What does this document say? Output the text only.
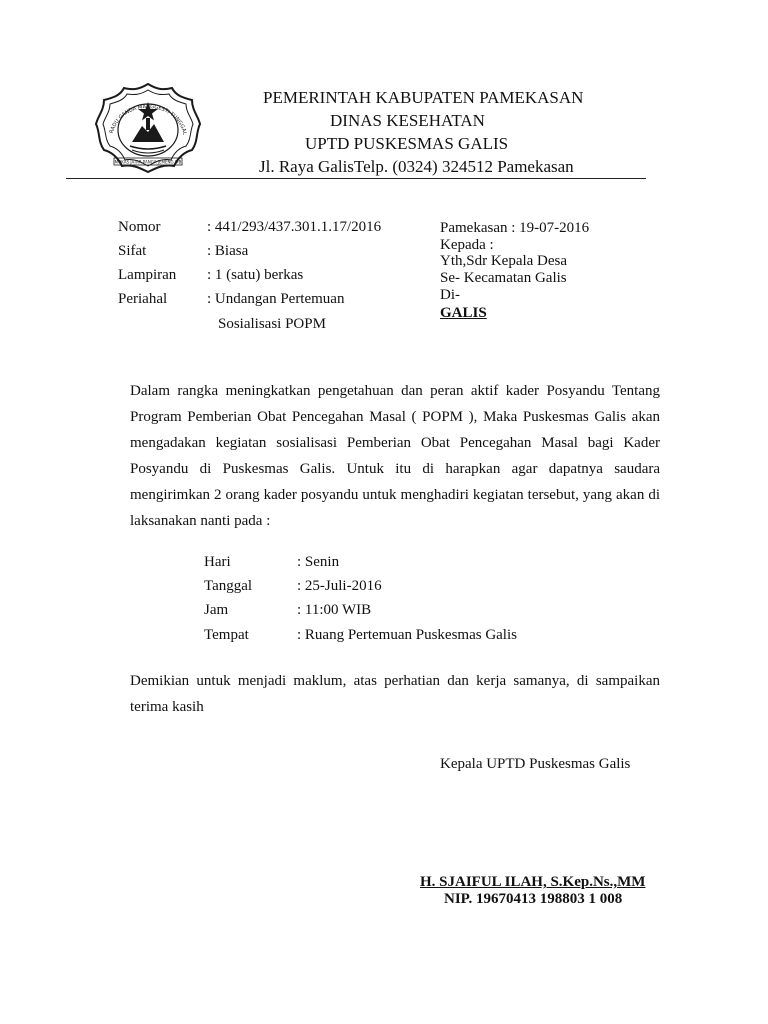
RADU GANDA MANGGESTI TUNGGAL
MOKAS JATAR PANGA JEMENG SIB
PEMERINTAH KABUPATEN PAMEKASAN
DINAS KESEHATAN
UPTD PUSKESMAS GALIS
Jl. Raya GalisTelp. (0324) 324512 Pamekasan
Nomor	: 441/293/437.301.1.17/2016
Sifat	: Biasa
Lampiran : 1 (satu) berkas
Periahal	: Undangan Pertemuan
Sosialisasi POPM
Pamekasan : 19-07-2016
Kepada :
Yth,Sdr Kepala Desa
Se- Kecamatan Galis
Di-
GALIS
Dalam rangka meningkatkan pengetahuan dan peran aktif kader Posyandu Tentang Program Pemberian Obat Pencegahan Masal ( POPM ), Maka Puskesmas Galis akan mengadakan kegiatan sosialisasi Pemberian Obat Pencegahan Masal bagi Kader Posyandu di Puskesmas Galis. Untuk itu di harapkan agar dapatnya saudara mengirimkan 2 orang kader posyandu untuk menghadiri kegiatan tersebut, yang akan di laksanakan nanti pada :
Hari	: Senin
Tanggal	: 25-Juli-2016
Jam	: 11:00 WIB
Tempat	: Ruang Pertemuan Puskesmas Galis
Demikian untuk menjadi maklum, atas perhatian dan kerja samanya, di sampaikan terima kasih
Kepala UPTD Puskesmas Galis
H. SJAIFUL ILAH, S.Kep.Ns.,MM
NIP. 19670413 198803 1 008
